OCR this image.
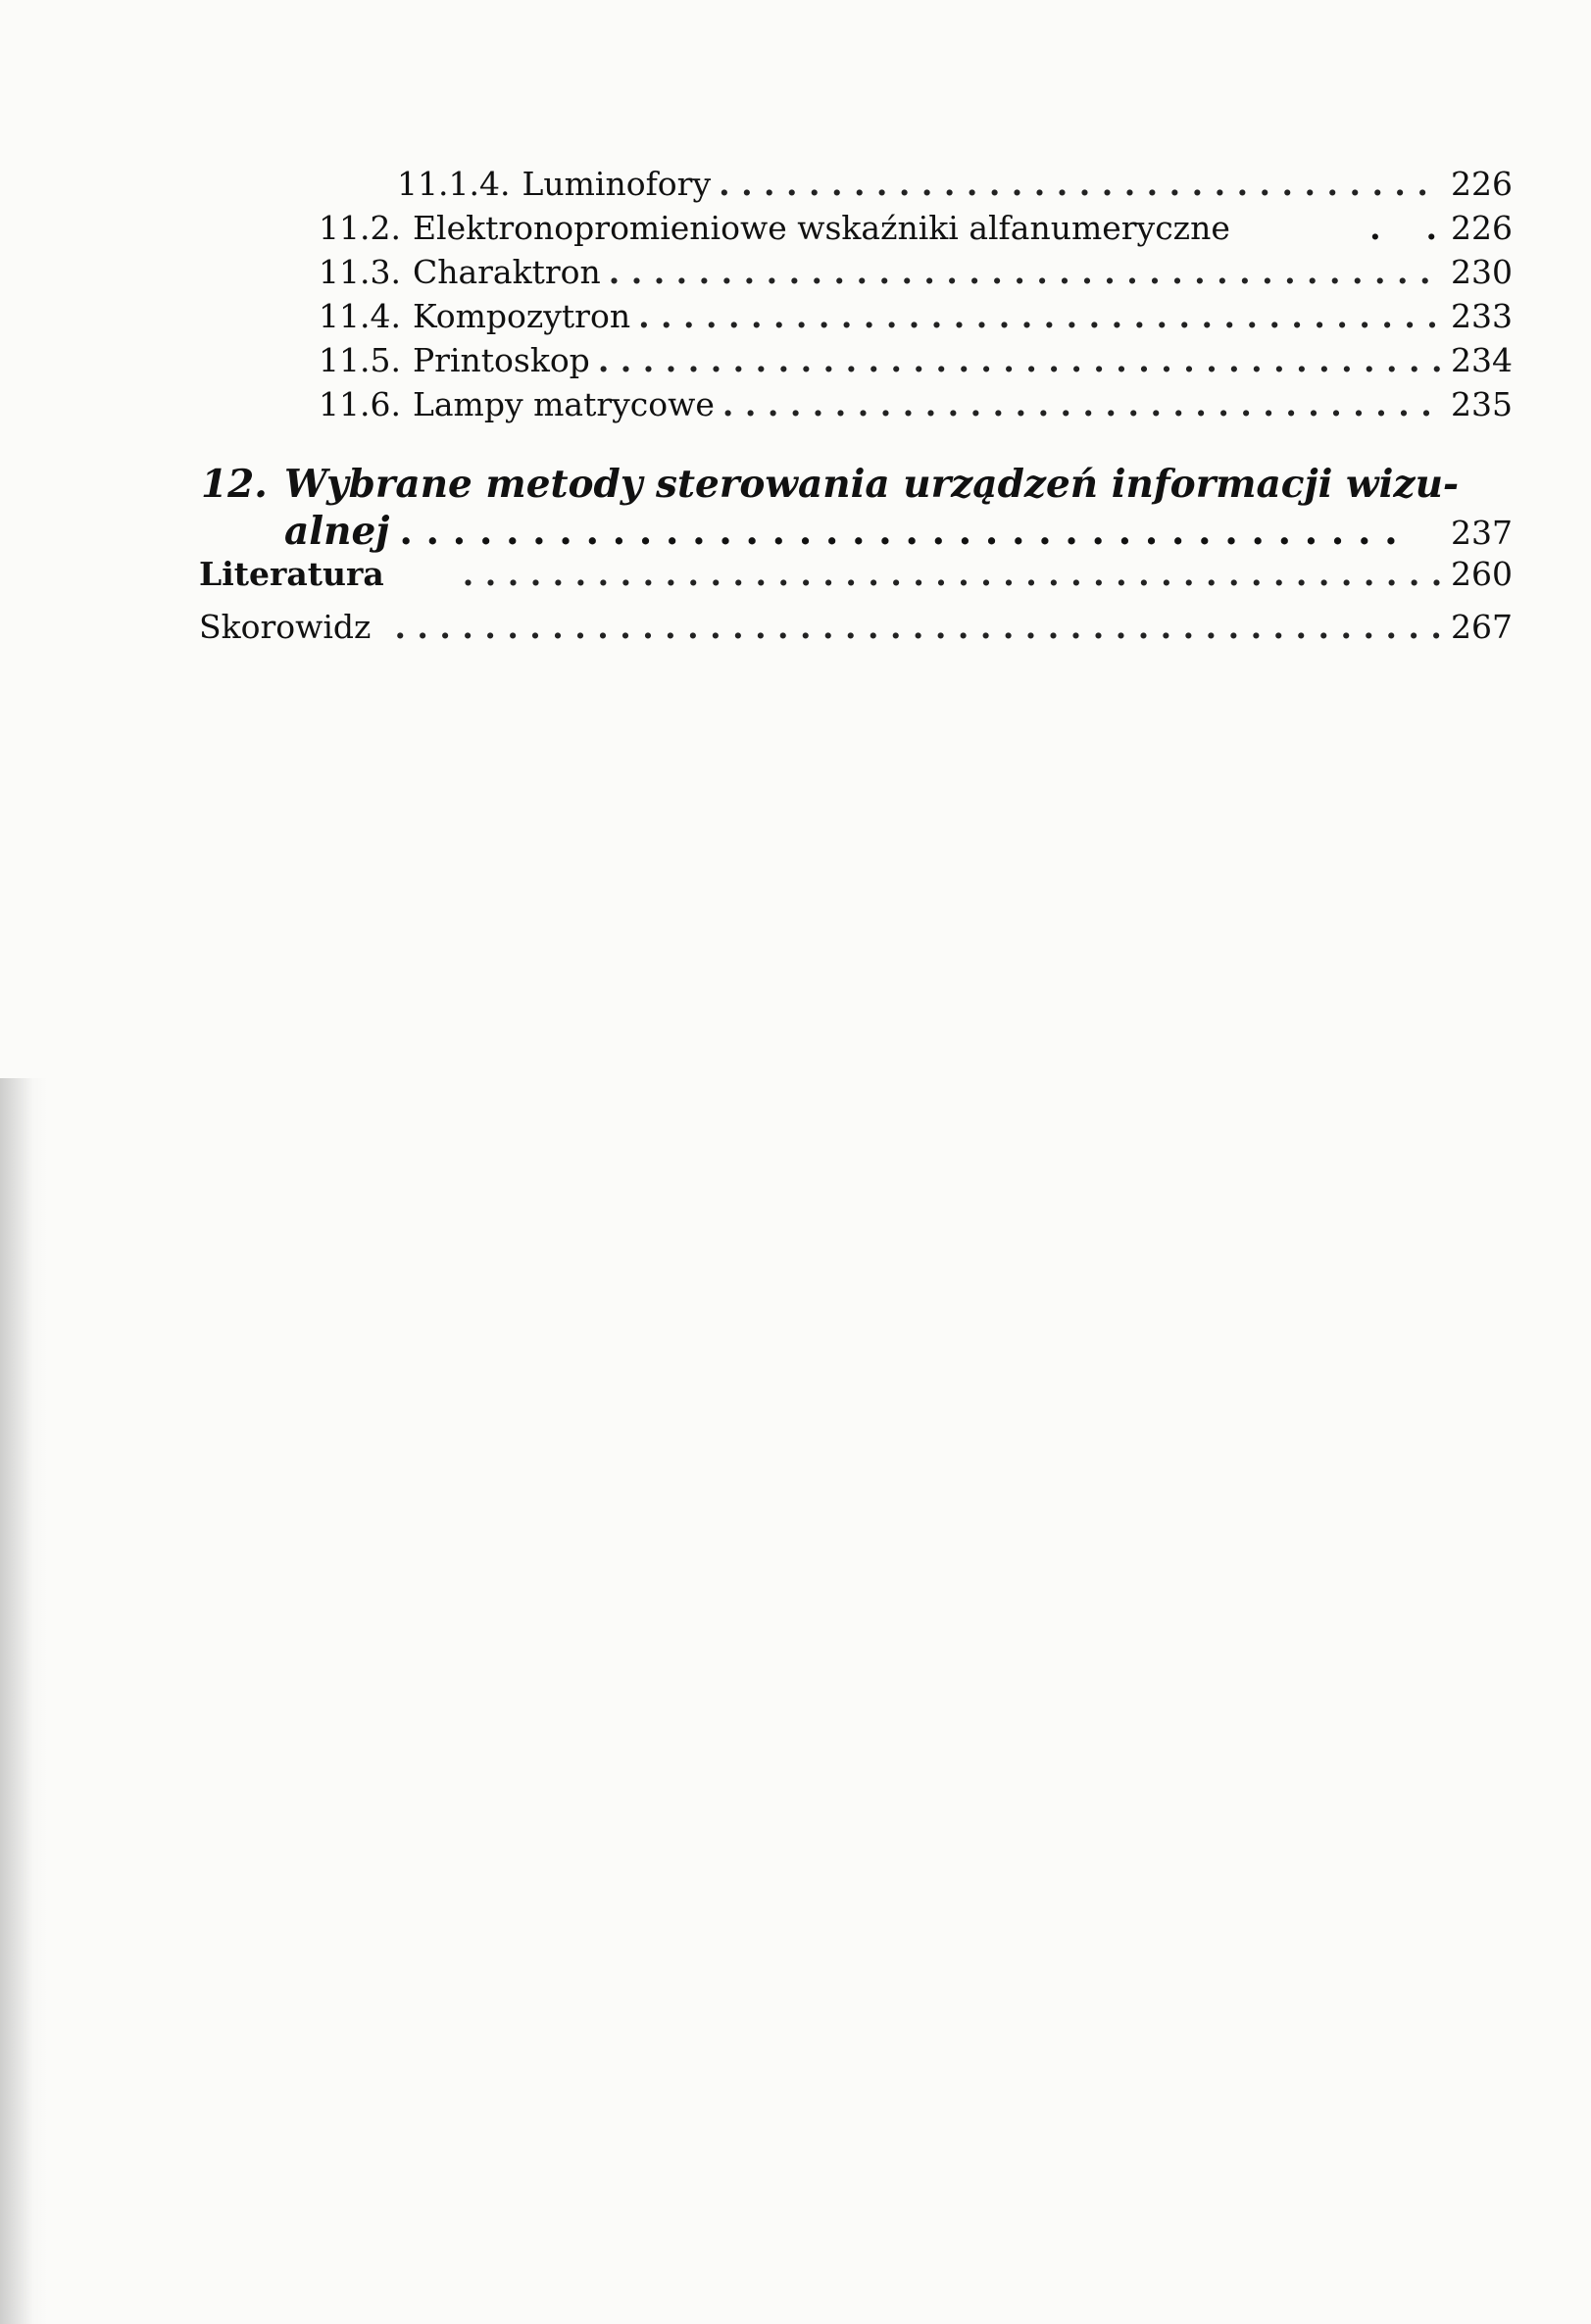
11.1.4. Luminofory . .	226
11.2. Elektronopromieniowe wskaźniki alfanumeryczne	.    . 226
11.3. Charaktron . .	230
11.4. Kompozytron . .	233
11.5. Printoskop . .	234
11.6. Lampy matrycowe . .	235
12. Wybrane metody sterowania urządzeń informacji wizu-
alnej . .	237
Literatura . .	260
Skorowidz . .	267
